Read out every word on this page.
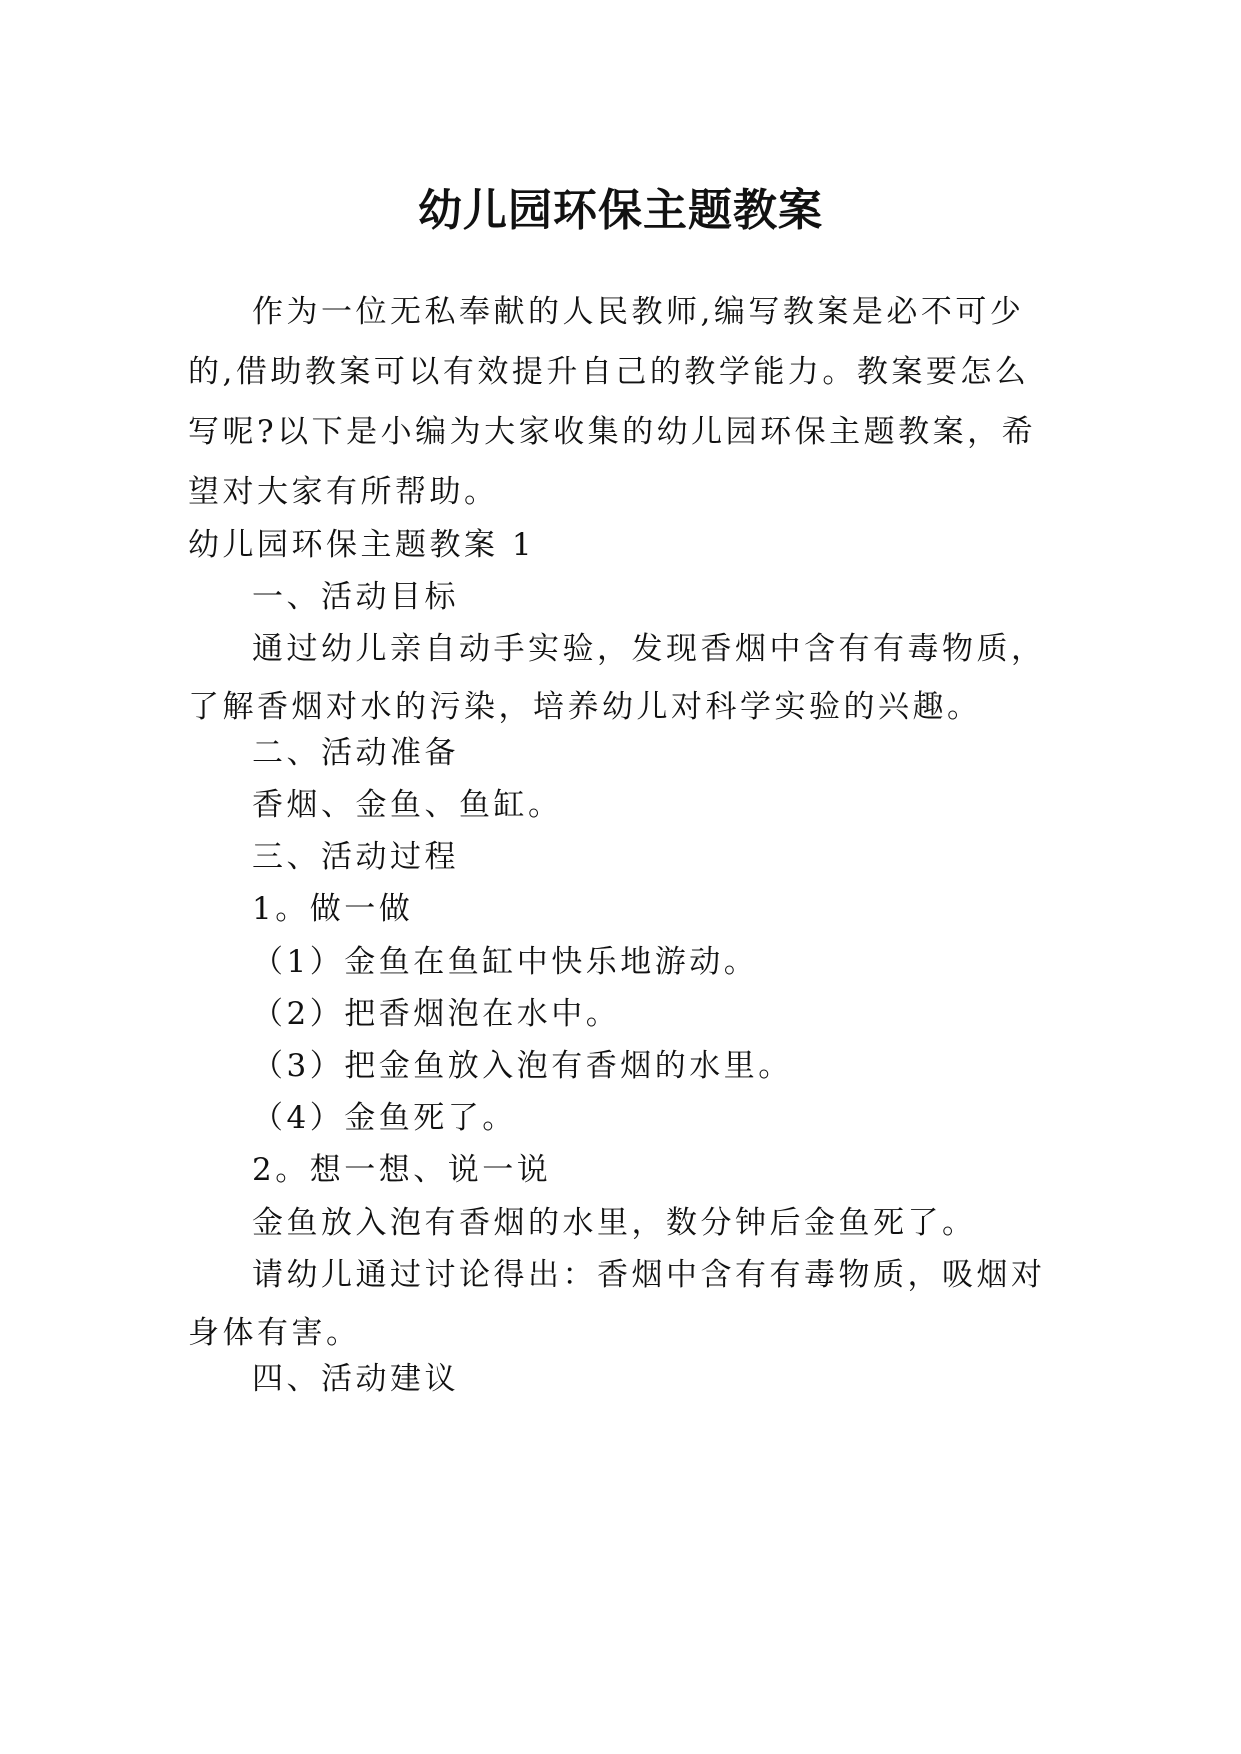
幼儿园环保主题教案

作为一位无私奉献的人民教师,编写教案是必不可少的,借助教案可以有效提升自己的教学能力。教案要怎么写呢?以下是小编为大家收集的幼儿园环保主题教案，希望对大家有所帮助。

幼儿园环保主题教案 1
一、活动目标

通过幼儿亲自动手实验，发现香烟中含有有毒物质，了解香烟对水的污染，培养幼儿对科学实验的兴趣。

二、活动准备
香烟、金鱼、鱼缸。
三、活动过程
1。做一做
（1）金鱼在鱼缸中快乐地游动。
（2）把香烟泡在水中。
（3）把金鱼放入泡有香烟的水里。
（4）金鱼死了。
2。想一想、说一说
金鱼放入泡有香烟的水里，数分钟后金鱼死了。

请幼儿通过讨论得出：香烟中含有有毒物质，吸烟对身体有害。

四、活动建议
